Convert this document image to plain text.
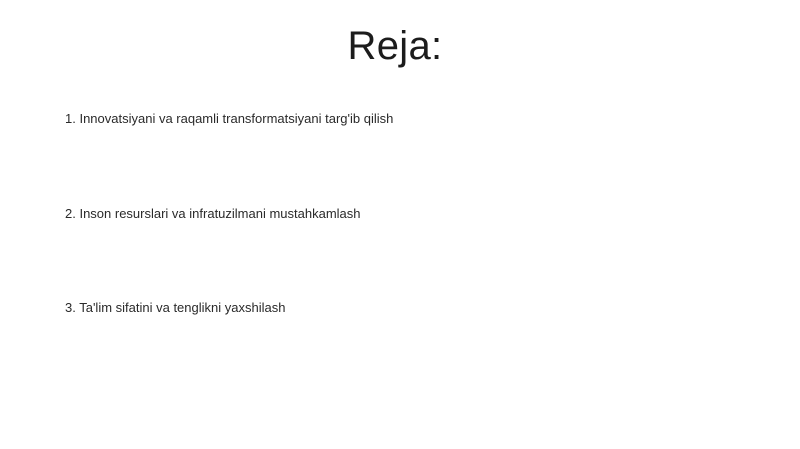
Reja:
1. Innovatsiyani va raqamli transformatsiyani targ'ib qilish
2. Inson resurslari va infratuzilmani mustahkamlash
3. Ta'lim sifatini va tenglikni yaxshilash
